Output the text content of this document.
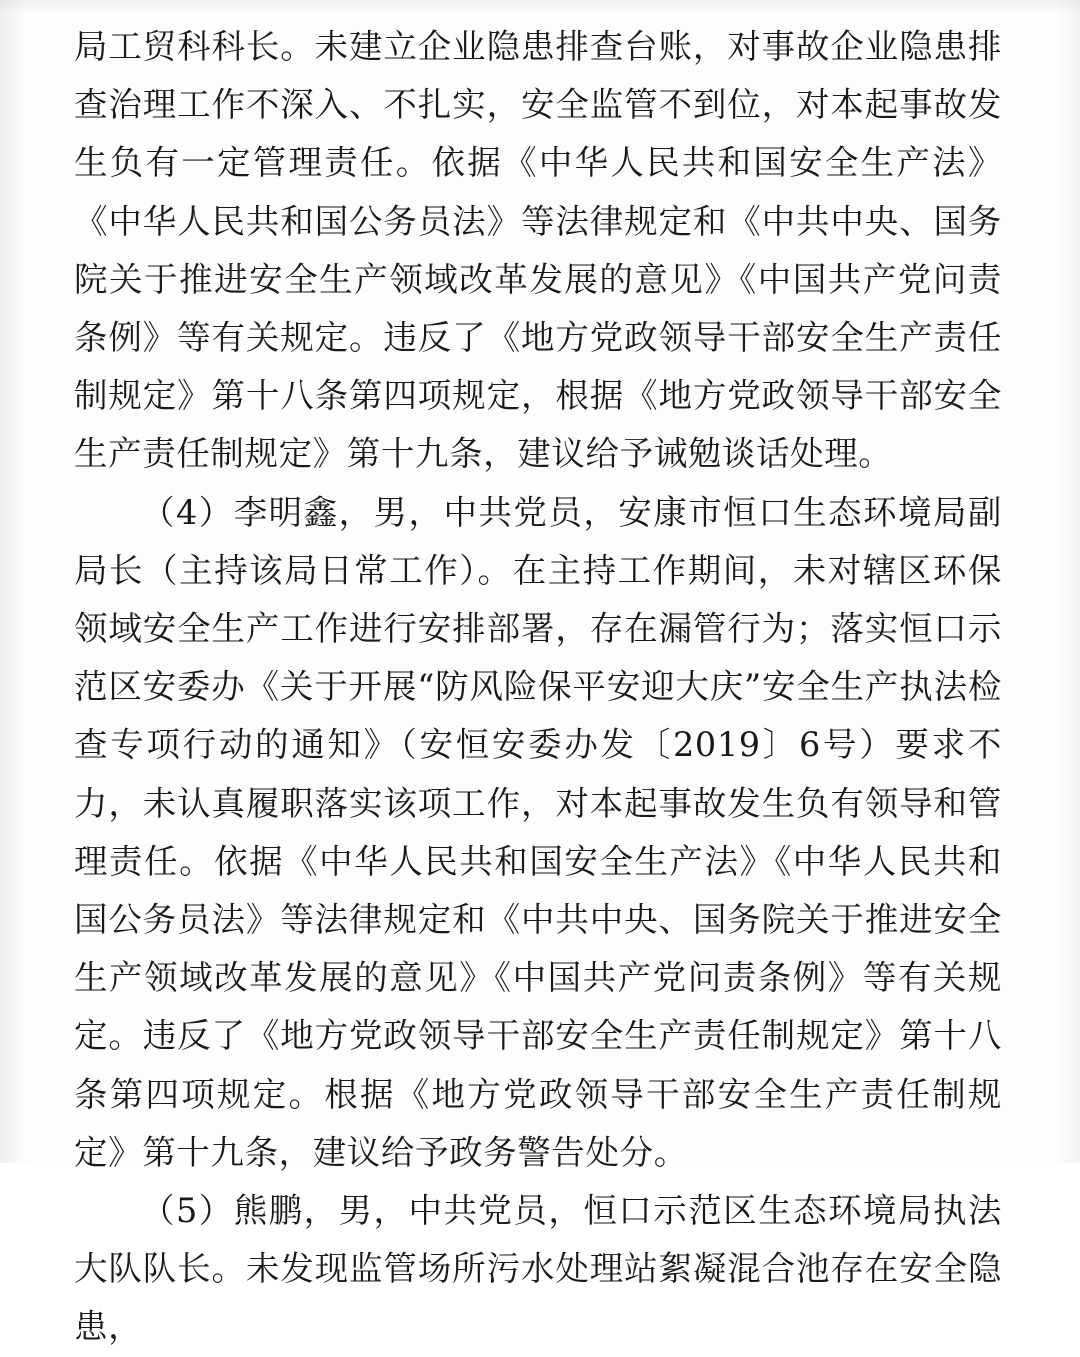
局工贸科科长。未建立企业隐患排查台账，对事故企业隐患排查治理工作不深入、不扎实，安全监管不到位，对本起事故发生负有一定管理责任。依据《中华人民共和国安全生产法》《中华人民共和国公务员法》等法律规定和《中共中央、国务院关于推进安全生产领域改革发展的意见》《中国共产党问责条例》等有关规定。违反了《地方党政领导干部安全生产责任制规定》第十八条第四项规定，根据《地方党政领导干部安全生产责任制规定》第十九条，建议给予诫勉谈话处理。

（4）李明鑫，男，中共党员，安康市恒口生态环境局副局长（主持该局日常工作）。在主持工作期间，未对辖区环保领域安全生产工作进行安排部署，存在漏管行为；落实恒口示范区安委办《关于开展“防风险保平安迎大庆”安全生产执法检查专项行动的通知》（安恒安委办发〔2019〕6号）要求不力，未认真履职落实该项工作，对本起事故发生负有领导和管理责任。依据《中华人民共和国安全生产法》《中华人民共和国公务员法》等法律规定和《中共中央、国务院关于推进安全生产领域改革发展的意见》《中国共产党问责条例》等有关规定。违反了《地方党政领导干部安全生产责任制规定》第十八条第四项规定。根据《地方党政领导干部安全生产责任制规定》第十九条，建议给予政务警告处分。

（5）熊鹏，男，中共党员，恒口示范区生态环境局执法大队队长。未发现监管场所污水处理站絮凝混合池存在安全隐患，
